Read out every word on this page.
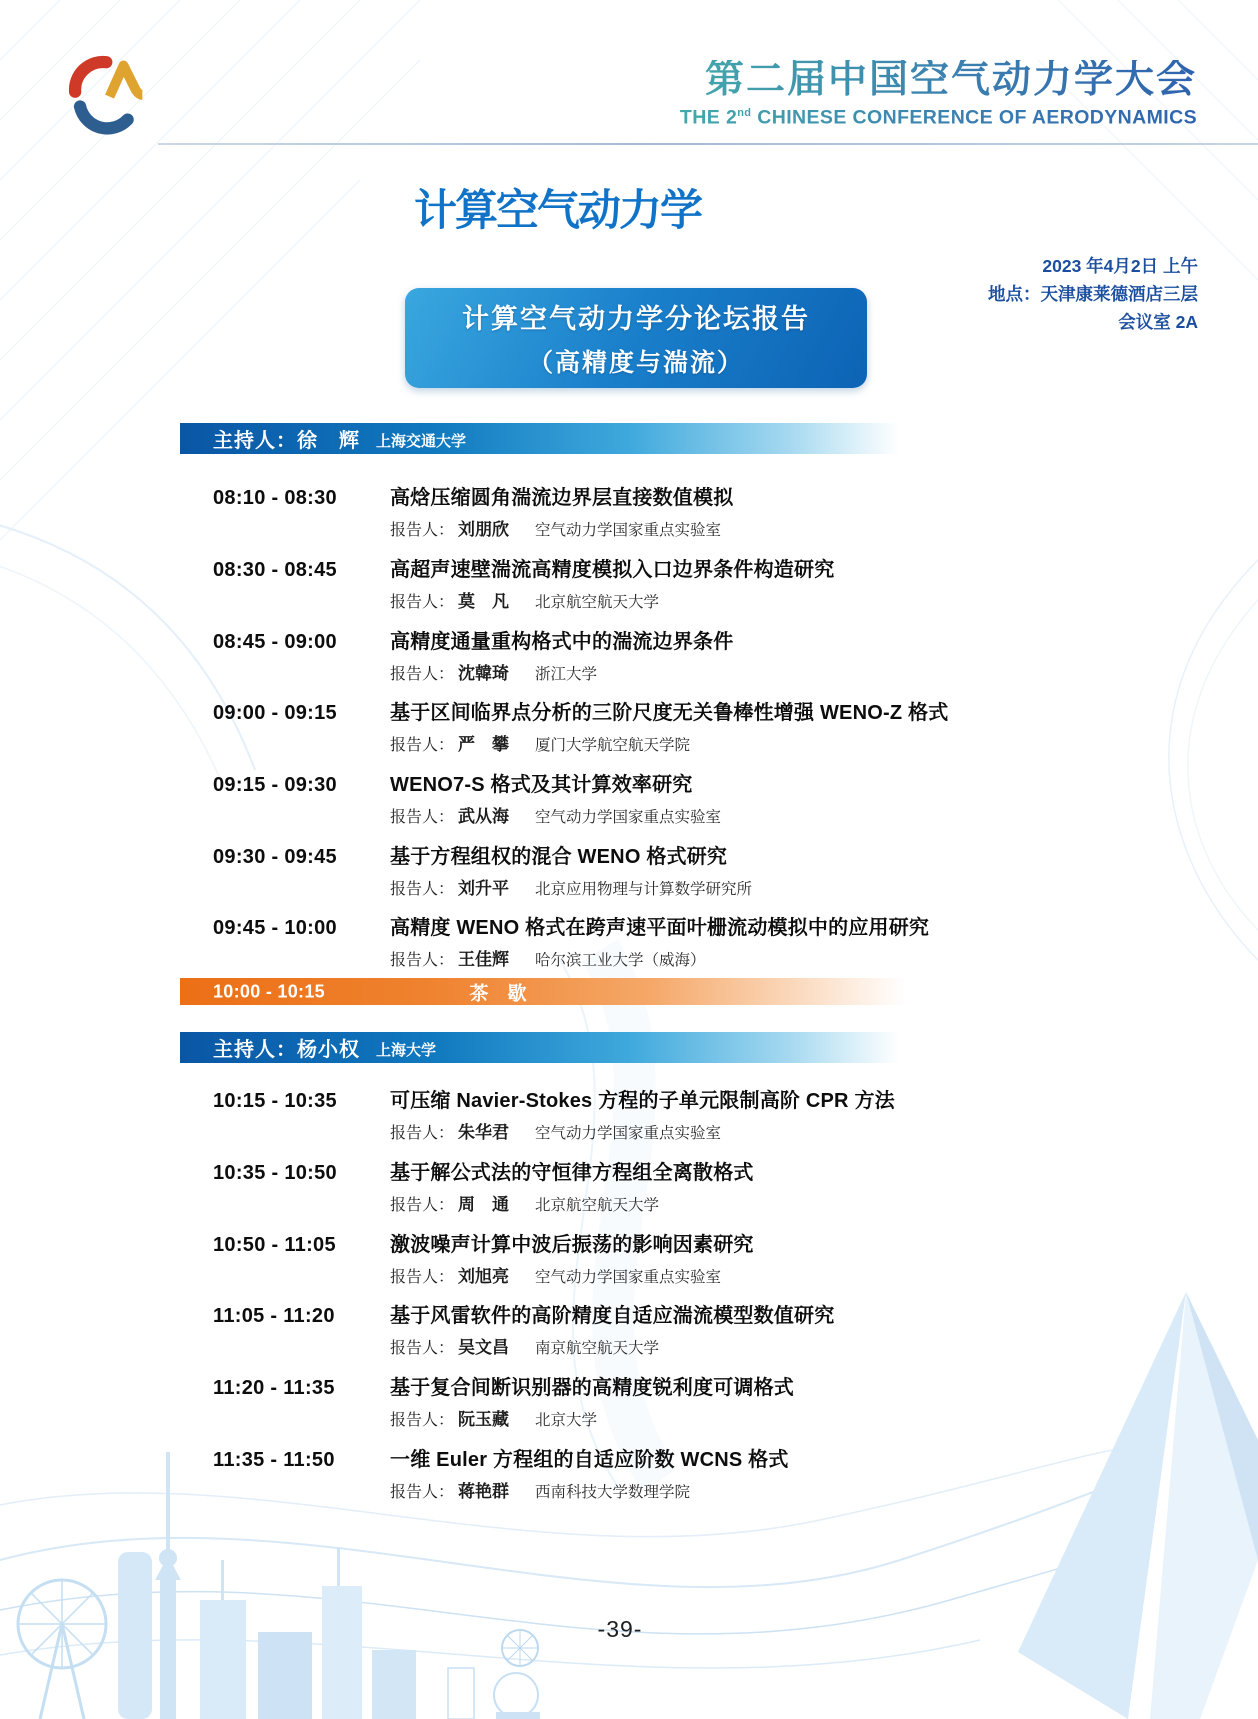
第二届中国空气动力学大会
THE 2nd CHINESE CONFERENCE OF AERODYNAMICS
计算空气动力学
2023 年4月2日 上午
地点：天津康莱德酒店三层
会议室 2A
计算空气动力学分论坛报告
（高精度与湍流）
主持人：徐　辉 上海交通大学
08:10 - 08:30	高焓压缩圆角湍流边界层直接数值模拟
报告人： 刘朋欣 空气动力学国家重点实验室
08:30 - 08:45	高超声速壁湍流高精度模拟入口边界条件构造研究
报告人： 莫　凡 北京航空航天大学
08:45 - 09:00	高精度通量重构格式中的湍流边界条件
报告人： 沈韓琦 浙江大学
09:00 - 09:15	基于区间临界点分析的三阶尺度无关鲁棒性增强 WENO-Z 格式
报告人： 严　攀 厦门大学航空航天学院
09:15 - 09:30	WENO7-S 格式及其计算效率研究
报告人： 武从海 空气动力学国家重点实验室
09:30 - 09:45	基于方程组权的混合 WENO 格式研究
报告人： 刘升平 北京应用物理与计算数学研究所
09:45 - 10:00	高精度 WENO 格式在跨声速平面叶栅流动模拟中的应用研究
报告人： 王佳辉 哈尔滨工业大学（威海）
10:00 - 10:15	茶　歇
主持人：杨小权 上海大学
10:15 - 10:35	可压缩 Navier-Stokes 方程的子单元限制高阶 CPR 方法
报告人： 朱华君 空气动力学国家重点实验室
10:35 - 10:50	基于解公式法的守恒律方程组全离散格式
报告人： 周　通 北京航空航天大学
10:50 - 11:05	激波噪声计算中波后振荡的影响因素研究
报告人： 刘旭亮 空气动力学国家重点实验室
11:05 - 11:20	基于风雷软件的高阶精度自适应湍流模型数值研究
报告人： 吴文昌 南京航空航天大学
11:20 - 11:35	基于复合间断识别器的高精度锐利度可调格式
报告人： 阮玉藏 北京大学
11:35 - 11:50	一维 Euler 方程组的自适应阶数 WCNS 格式
报告人： 蒋艳群 西南科技大学数理学院
-39-
